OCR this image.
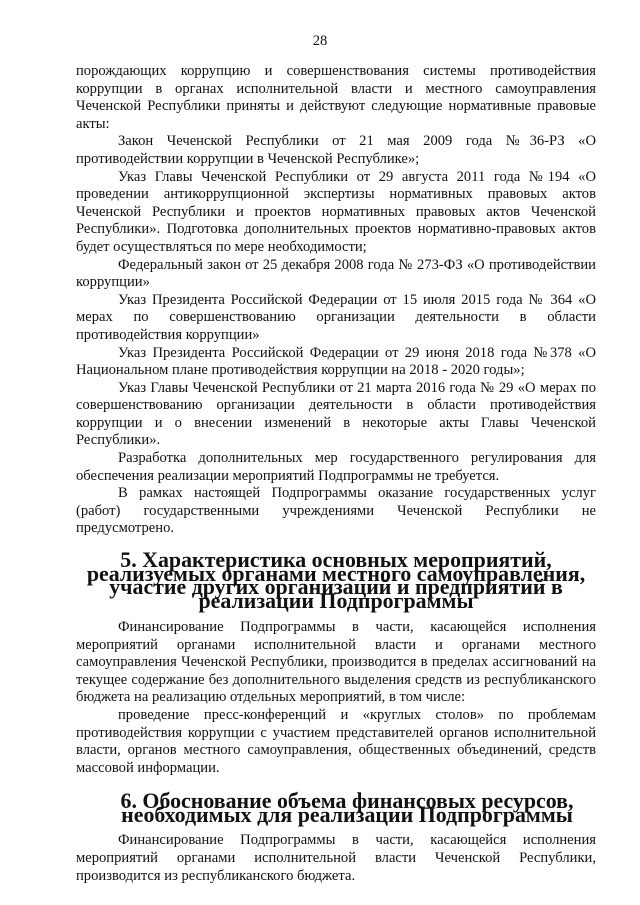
28

порождающих коррупцию и совершенствования системы противодействия коррупции в органах исполнительной власти и местного самоуправления Чеченской Республики приняты и действуют следующие нормативные правовые акты:

Закон Чеченской Республики от 21 мая 2009 года №36-РЗ «О противодействии коррупции в Чеченской Республике»;

Указ Главы Чеченской Республики от 29 августа 2011 года №194 «О проведении антикоррупционной экспертизы нормативных правовых актов Чеченской Республики и проектов нормативных правовых актов Чеченской Республики». Подготовка дополнительных проектов нормативно-правовых актов будет осуществляться по мере необходимости;

Федеральный закон от 25 декабря 2008 года № 273-ФЗ «О противодействии коррупции»

Указ Президента Российской Федерации от 15 июля 2015 года № 364 «О мерах по совершенствованию организации деятельности в области противодействия коррупции»

Указ Президента Российской Федерации от 29 июня 2018 года №378 «О Национальном плане противодействия коррупции на 2018 - 2020 годы»;

Указ Главы Чеченской Республики от 21 марта 2016 года № 29 «О мерах по совершенствованию организации деятельности в области противодействия коррупции и о внесении изменений в некоторые акты Главы Чеченской Республики».

Разработка дополнительных мер государственного регулирования для обеспечения реализации мероприятий Подпрограммы не требуется.

В рамках настоящей Подпрограммы оказание государственных услуг (работ) государственными учреждениями Чеченской Республики не предусмотрено.

5. Характеристика основных мероприятий, реализуемых органами местного самоуправления, участие других организаций и предприятий в реализации Подпрограммы

Финансирование Подпрограммы в части, касающейся исполнения мероприятий органами исполнительной власти и органами местного самоуправления Чеченской Республики, производится в пределах ассигнований на текущее содержание без дополнительного выделения средств из республиканского бюджета на реализацию отдельных мероприятий, в том числе:

проведение пресс-конференций и «круглых столов» по проблемам противодействия коррупции с участием представителей органов исполнительной власти, органов местного самоуправления, общественных объединений, средств массовой информации.

6. Обоснование объема финансовых ресурсов, необходимых для реализации Подпрограммы

Финансирование Подпрограммы в части, касающейся исполнения мероприятий органами исполнительной власти Чеченской Республики, производится из республиканского бюджета.
